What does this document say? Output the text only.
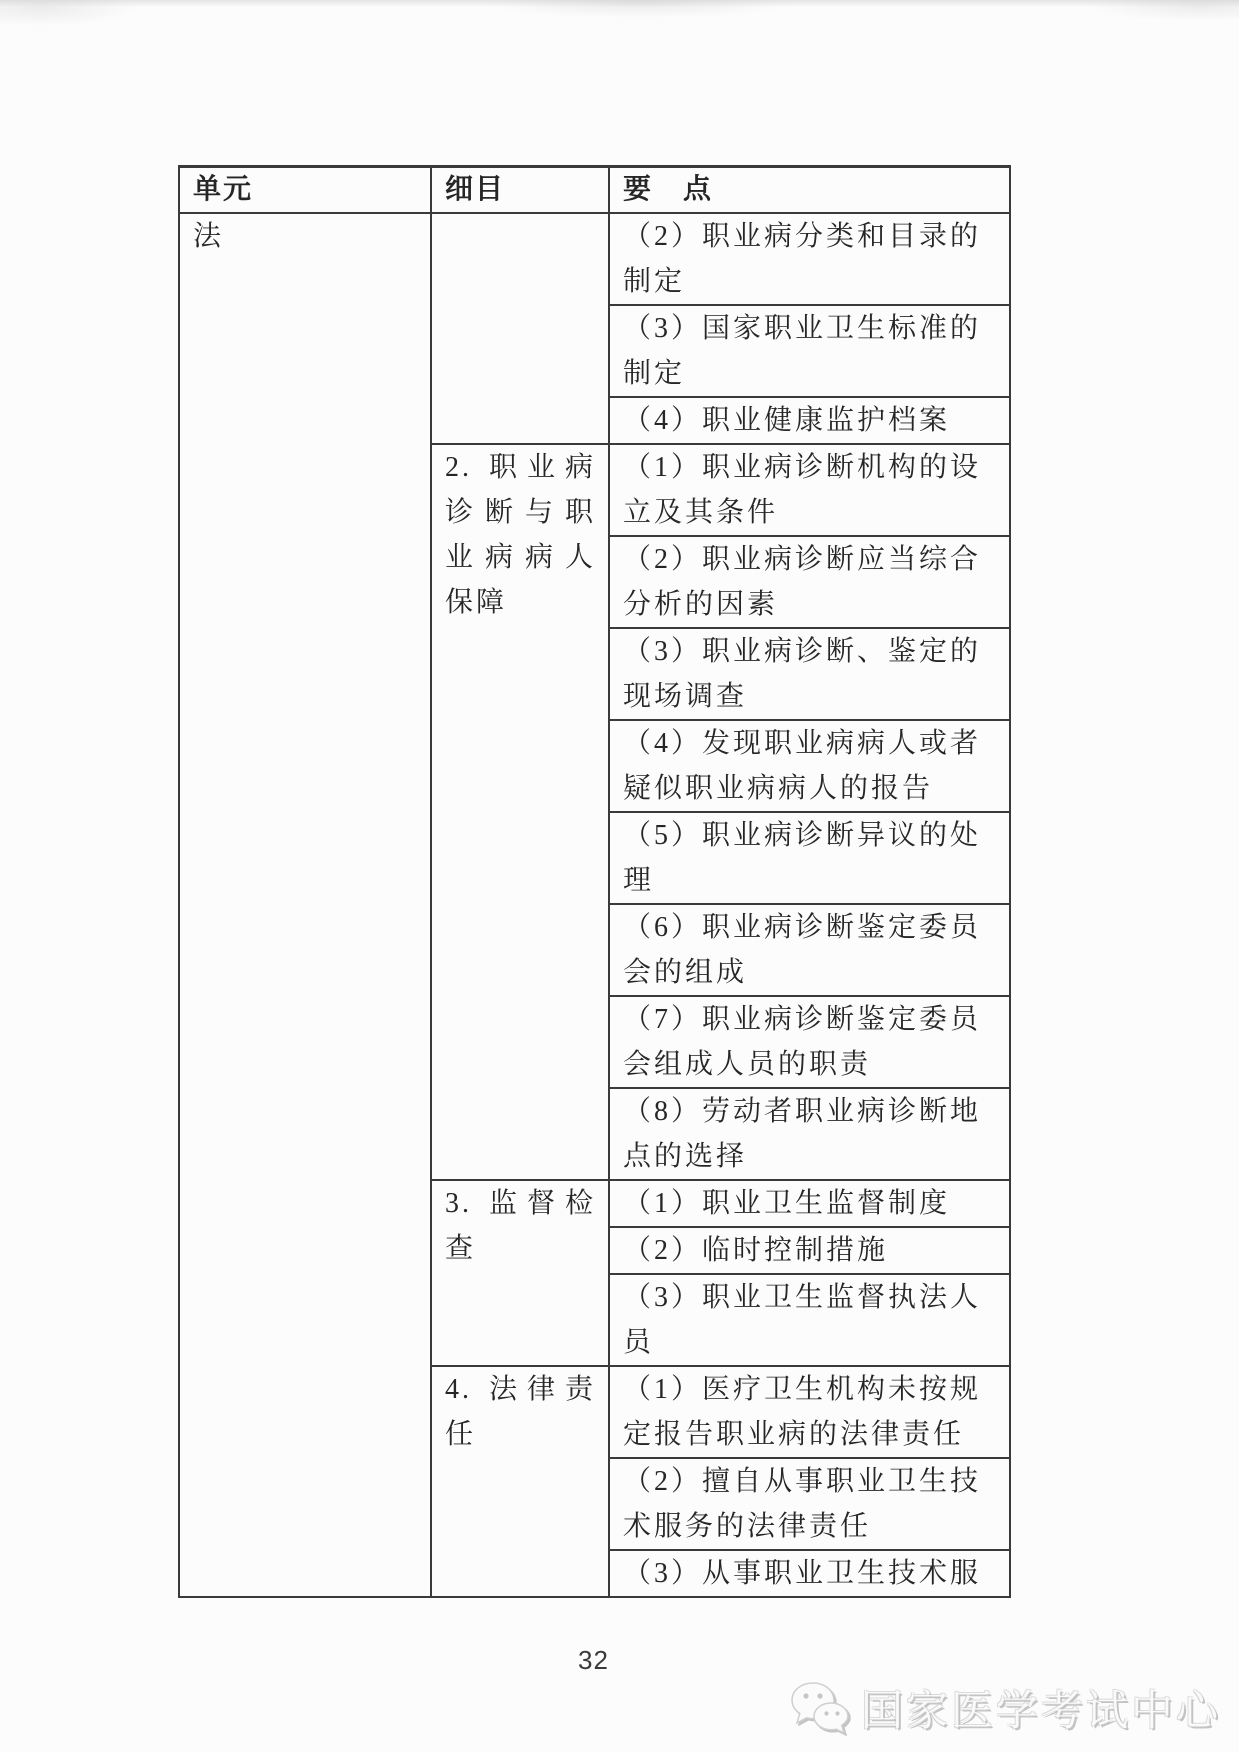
单元	细目	要　点
法		（2）职业病分类和目录的制定
		（3）国家职业卫生标准的制定
		（4）职业健康监护档案
	2. 职业病诊断与职业病病人保障	（1）职业病诊断机构的设立及其条件
		（2）职业病诊断应当综合分析的因素
		（3）职业病诊断、鉴定的现场调查
		（4）发现职业病病人或者疑似职业病病人的报告
		（5）职业病诊断异议的处理
		（6）职业病诊断鉴定委员会的组成
		（7）职业病诊断鉴定委员会组成人员的职责
		（8）劳动者职业病诊断地点的选择
	3. 监督检查	（1）职业卫生监督制度
		（2）临时控制措施
		（3）职业卫生监督执法人员
	4. 法律责任	（1）医疗卫生机构未按规定报告职业病的法律责任
		（2）擅自从事职业卫生技术服务的法律责任
		（3）从事职业卫生技术服
32
国家医学考试中心
